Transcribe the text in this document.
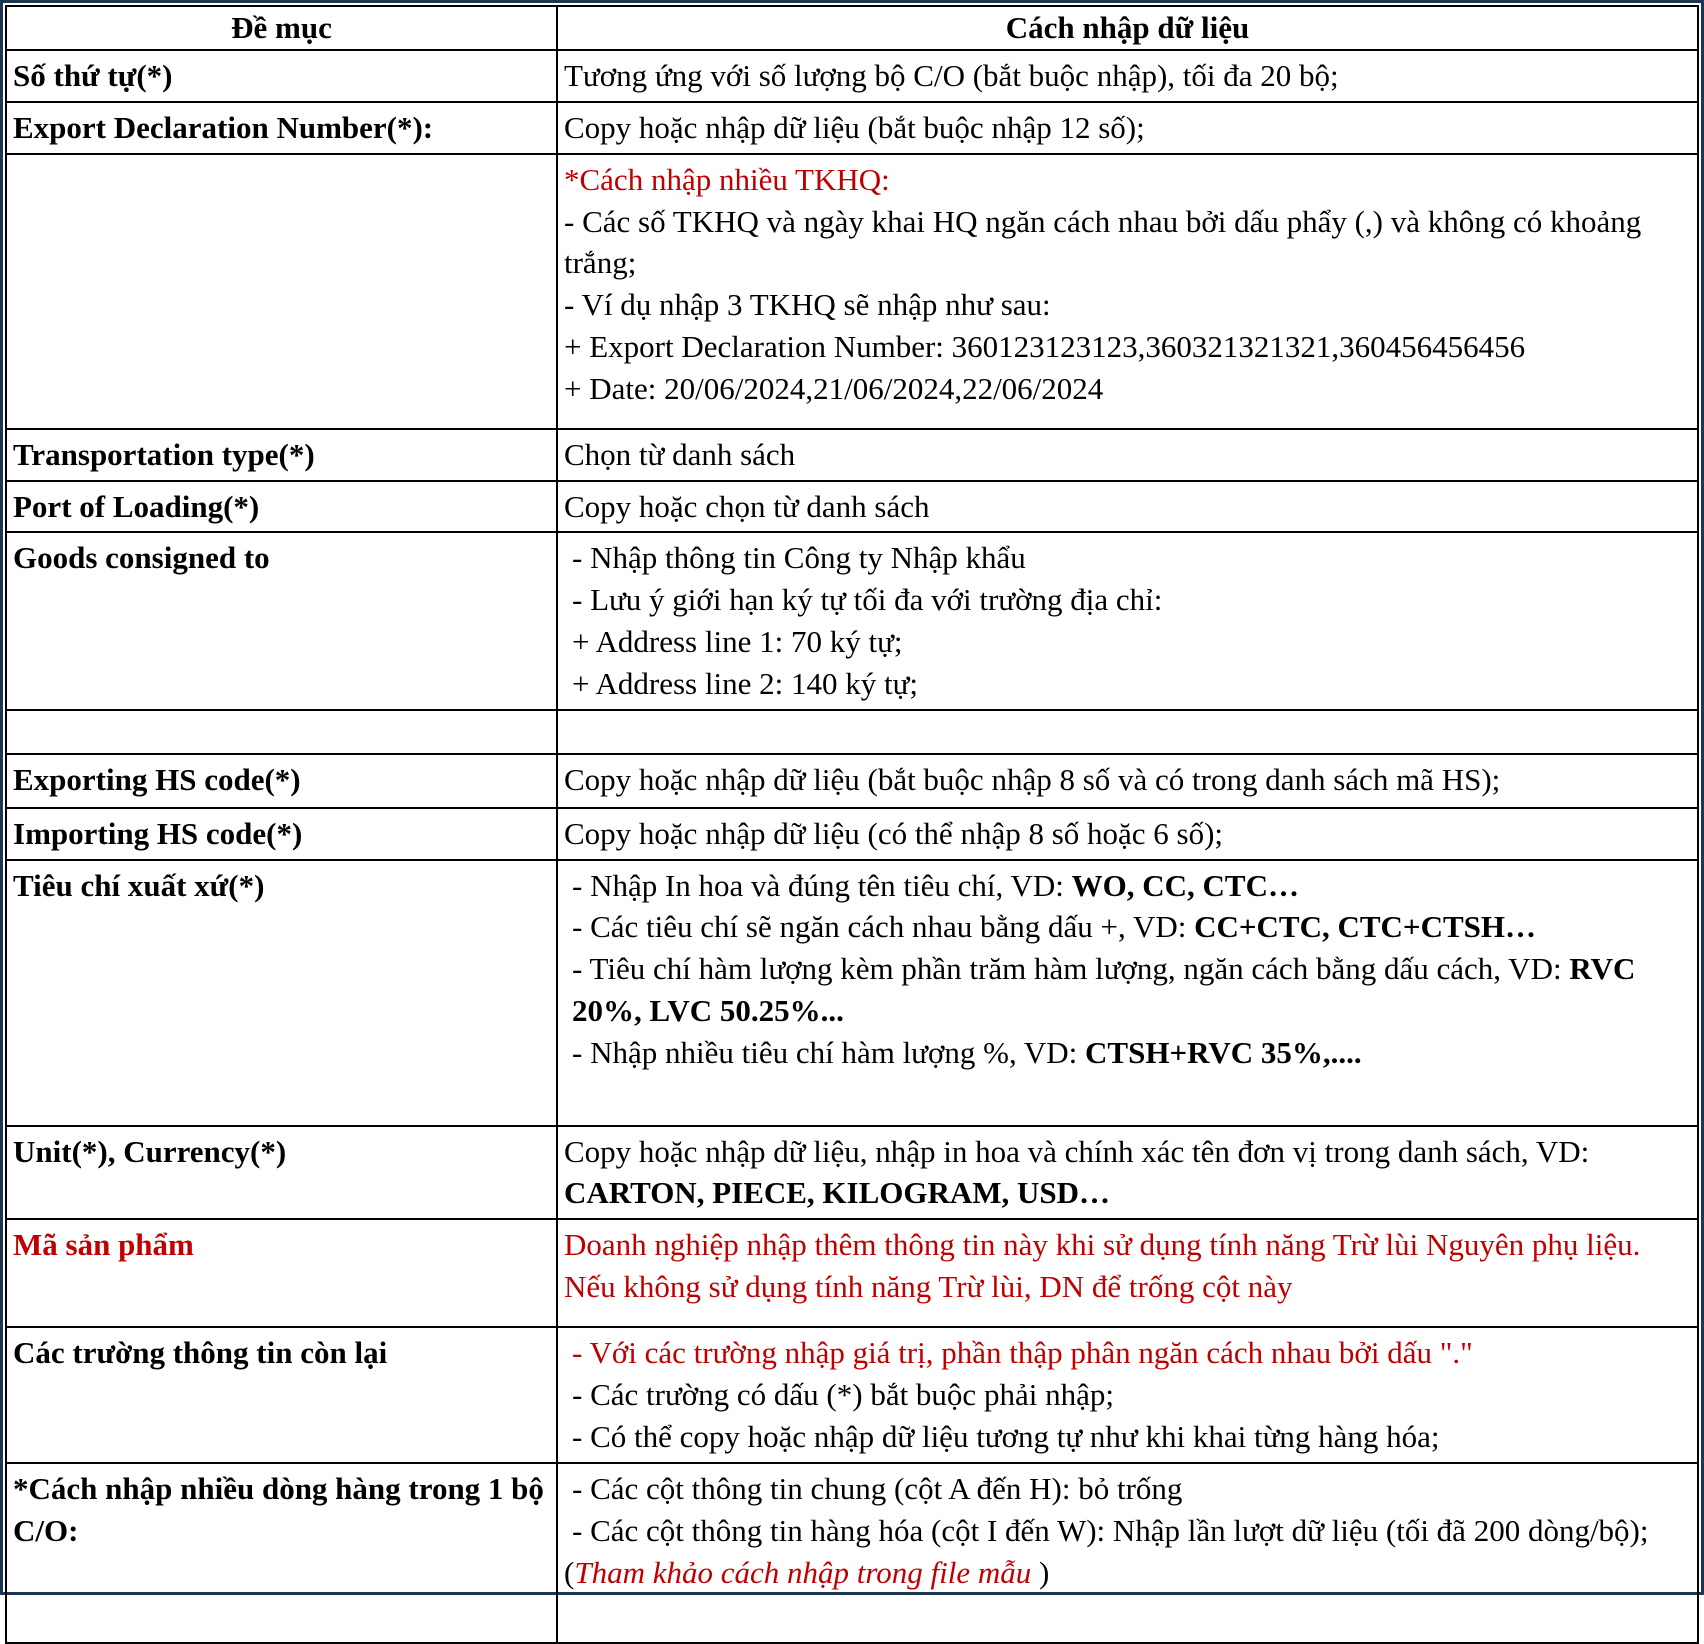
Đề mục	Cách nhập dữ liệu
Số thứ tự(*)	Tương ứng với số lượng bộ C/O (bắt buộc nhập), tối đa 20 bộ;

Export Declaration Number(*):	Copy hoặc nhập dữ liệu (bắt buộc nhập 12 số);

	*Cách nhập nhiều TKHQ:
- Các số TKHQ và ngày khai HQ ngăn cách nhau bởi dấu phẩy (,) và không có khoảng trắng;
- Ví dụ nhập 3 TKHQ sẽ nhập như sau:
+ Export Declaration Number: 360123123123,360321321321,360456456456
+ Date: 20/06/2024,21/06/2024,22/06/2024

Transportation type(*)	Chọn từ danh sách

Port of Loading(*)	Copy hoặc chọn từ danh sách

Goods consigned to	- Nhập thông tin Công ty Nhập khẩu
- Lưu ý giới hạn ký tự tối đa với trường địa chỉ:
+ Address line 1: 70 ký tự;
+ Address line 2: 140 ký tự;

Exporting HS code(*)	Copy hoặc nhập dữ liệu (bắt buộc nhập 8 số và có trong danh sách mã HS);

Importing HS code(*)	Copy hoặc nhập dữ liệu (có thể nhập 8 số hoặc 6 số);

Tiêu chí xuất xứ(*)	- Nhập In hoa và đúng tên tiêu chí, VD: WO, CC, CTC…
- Các tiêu chí sẽ ngăn cách nhau bằng dấu +, VD: CC+CTC, CTC+CTSH…
- Tiêu chí hàm lượng kèm phần trăm hàm lượng, ngăn cách bằng dấu cách, VD: RVC 20%, LVC 50.25%...
- Nhập nhiều tiêu chí hàm lượng %, VD: CTSH+RVC 35%,....

Unit(*), Currency(*)	Copy hoặc nhập dữ liệu, nhập in hoa và chính xác tên đơn vị trong danh sách, VD: CARTON, PIECE, KILOGRAM, USD…
Mã sản phẩm	Doanh nghiệp nhập thêm thông tin này khi sử dụng tính năng Trừ lùi Nguyên phụ liệu. Nếu không sử dụng tính năng Trừ lùi, DN để trống cột này

Các trường thông tin còn lại	- Với các trường nhập giá trị, phần thập phân ngăn cách nhau bởi dấu "."
- Các trường có dấu (*) bắt buộc phải nhập;
- Có thể copy hoặc nhập dữ liệu tương tự như khi khai từng hàng hóa;

*Cách nhập nhiều dòng hàng trong 1 bộ C/O:	- Các cột thông tin chung (cột A đến H): bỏ trống
- Các cột thông tin hàng hóa (cột I đến W): Nhập lần lượt dữ liệu (tối đã 200 dòng/bộ);
(Tham khảo cách nhập trong file mẫu )
